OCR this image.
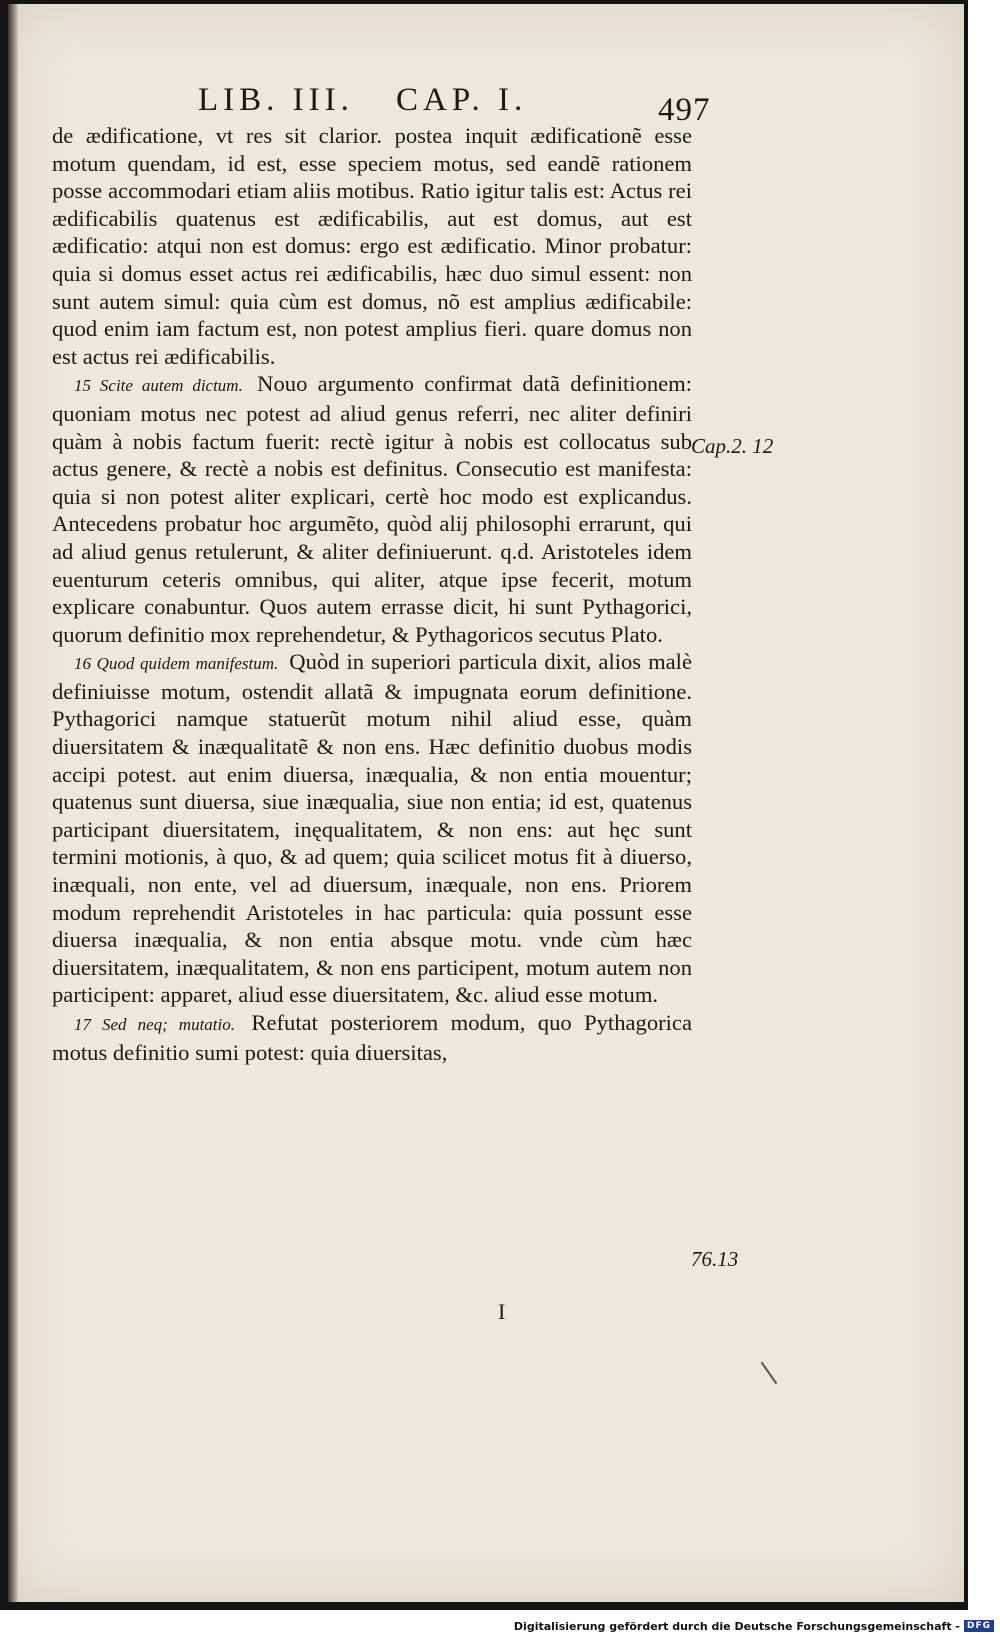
LIB. III. CAP. I.	497

de ædificatione, vt res sit clarior. postea inquit ædificationẽ esse motum quendam, id est, esse speciem motus, sed eandẽ rationem posse accommodari etiam aliis motibus. Ratio igitur talis est: Actus rei ædificabilis quatenus est ædificabilis, aut est domus, aut est ædificatio: atqui non est domus: ergo est ædificatio. Minor probatur: quia si domus esset actus rei ædificabilis, hæc duo simul essent: non sunt autem simul: quia cùm est domus, nõ est amplius ædificabile: quod enim iam factum est, non potest amplius fieri. quare domus non est actus rei ædificabilis.

15 Scite autem dictum. Nouo argumento confirmat datã definitionem: quoniam motus nec potest ad aliud genus referri, nec aliter definiri quàm à nobis factum fuerit: rectè igitur à nobis est collocatus sub actus genere, & rectè a nobis est definitus. Consecutio est manifesta: quia si non potest aliter explicari, certè hoc modo est explicandus. Antecedens probatur hoc argumẽto, quòd alij philosophi errarunt, qui ad aliud genus retulerunt, & aliter definiuerunt. q.d. Aristoteles idem euenturum ceteris omnibus, qui aliter, atque ipse fecerit, motum explicare conabuntur. Quos autem errasse dicit, hi sunt Pythagorici, quorum definitio mox reprehendetur, & Pythagoricos secutus Plato.

16 Quod quidem manifestum. Quòd in superiori particula dixit, alios malè definiuisse motum, ostendit allatã & impugnata eorum definitione. Pythagorici namque statuerũt motum nihil aliud esse, quàm diuersitatem & inæqualitatẽ & non ens. Hæc definitio duobus modis accipi potest. aut enim diuersa, inæqualia, & non entia mouentur; quatenus sunt diuersa, siue inæqualia, siue non entia; id est, quatenus participant diuersitatem, inęqualitatem, & non ens: aut hęc sunt termini motionis, à quo, & ad quem; quia scilicet motus fit à diuerso, inæquali, non ente, vel ad diuersum, inæquale, non ens. Priorem modum reprehendit Aristoteles in hac particula: quia possunt esse diuersa inæqualia, & non entia absque motu. vnde cùm hæc diuersitatem, inæqualitatem, & non ens participent, motum autem non participent: apparet, aliud esse diuersitatem, &c. aliud esse motum.

17 Sed neq; mutatio. Refutat posteriorem modum, quo Pythagorica motus definitio sumi potest: quia diuersitas,

Cap.2. 12
76.13
I
Digitalisierung gefördert durch die Deutsche Forschungsgemeinschaft - DFG
